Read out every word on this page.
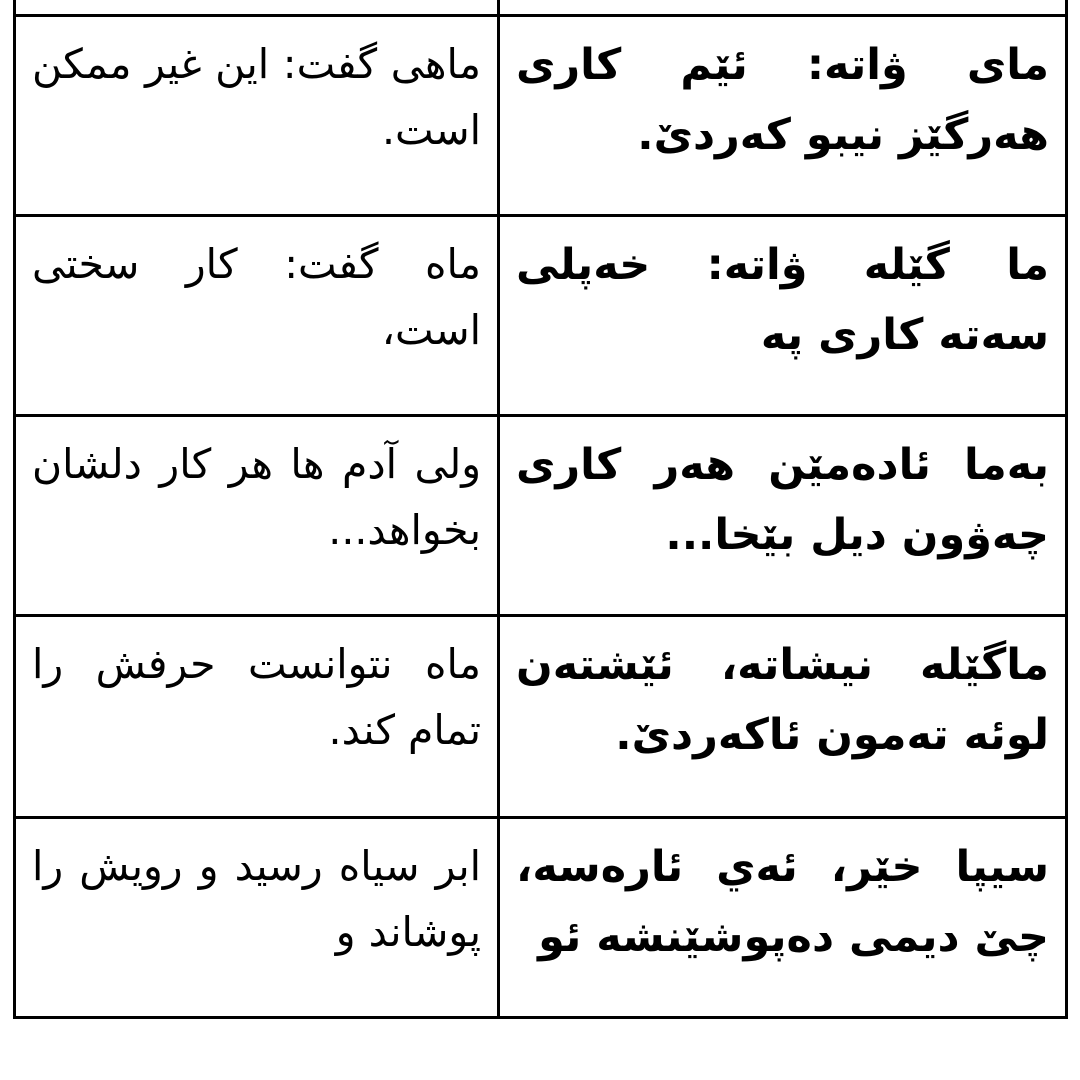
ماهی گفت: این غیر ممکن است.	مای ۋاته: ئێم کاری هەرگێز نیبو کەردێ.
ماه گفت: کار سختی است،	ما گێله ۋاته: خەپلی سەته کاری پە
ولی آدم ها هر کار دلشان بخواهد...	بەما ئادەمێن هەر کاری چەۋون دیل بێخا...
ماه نتوانست حرفش را تمام کند.	ماگێله نیشاته، ئێشتەن لوئە تەمون ئاکەردێ.
ابر سیاه رسید و رویش را پوشاند و	سیپا خێر، ئەي ئارەسە، چێ دیمی دەپوشێنشه ئو
